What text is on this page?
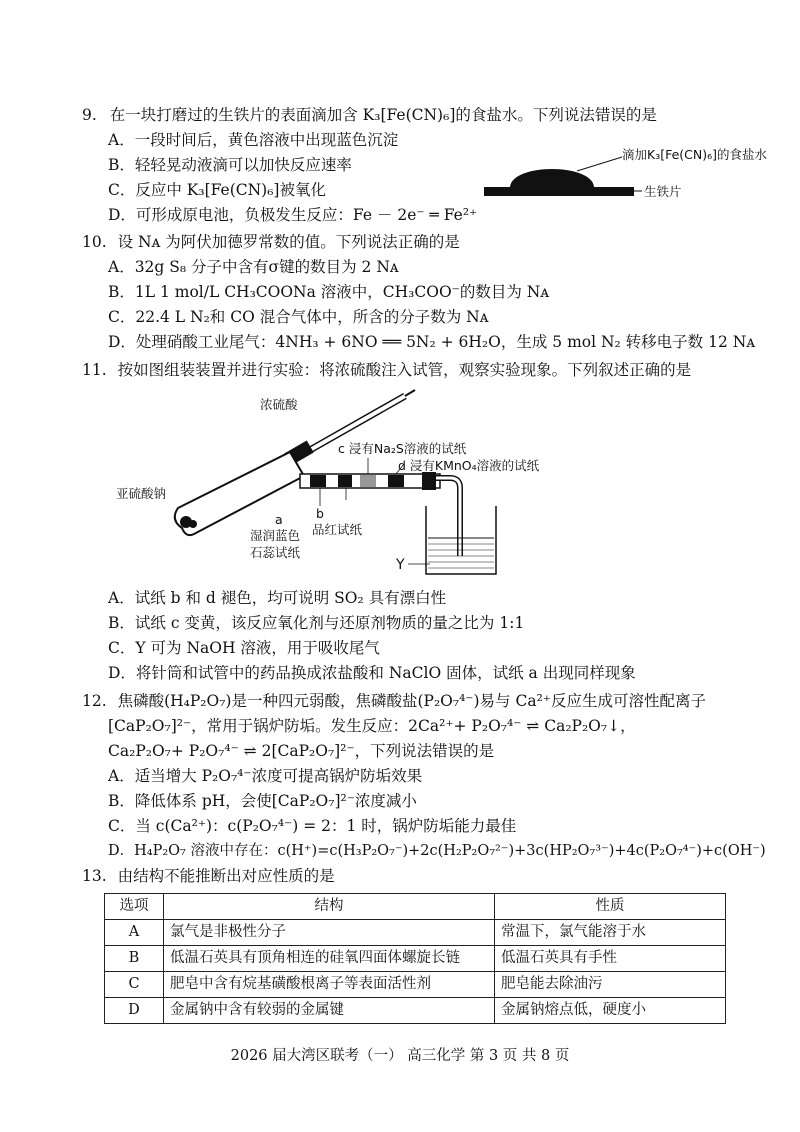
9. 在一块打磨过的生铁片的表面滴加含 K₃[Fe(CN)₆]的食盐水。下列说法错误的是
A．一段时间后，黄色溶液中出现蓝色沉淀
B．轻轻晃动液滴可以加快反应速率
C．反应中 K₃[Fe(CN)₆]被氧化
D．可形成原电池，负极发生反应：Fe － 2e⁻ ═ Fe²⁺
滴加K₃[Fe(CN)₆]的食盐水
生铁片
10. 设 Nᴀ 为阿伏加德罗常数的值。下列说法正确的是
A．32g S₈ 分子中含有σ键的数目为 2 Nᴀ
B．1L 1 mol/L CH₃COONa 溶液中，CH₃COO⁻的数目为 Nᴀ
C．22.4 L N₂和 CO 混合气体中，所含的分子数为 Nᴀ
D．处理硝酸工业尾气：4NH₃ + 6NO ══ 5N₂ + 6H₂O，生成 5 mol N₂ 转移电子数 12 Nᴀ
11. 按如图组装装置并进行实验：将浓硫酸注入试管，观察实验现象。下列叙述正确的是
浓硫酸
亚硫酸钠
c 浸有Na₂S溶液的试纸
d 浸有KMnO₄溶液的试纸
b
品红试纸
a
湿润蓝色
石蕊试纸
Y
A．试纸 b 和 d 褪色，均可说明 SO₂ 具有漂白性
B．试纸 c 变黄，该反应氧化剂与还原剂物质的量之比为 1:1
C．Y 可为 NaOH 溶液，用于吸收尾气
D．将针筒和试管中的药品换成浓盐酸和 NaClO 固体，试纸 a 出现同样现象
12. 焦磷酸(H₄P₂O₇)是一种四元弱酸，焦磷酸盐(P₂O₇⁴⁻)易与 Ca²⁺反应生成可溶性配离子
[CaP₂O₇]²⁻，常用于锅炉防垢。发生反应：2Ca²⁺+ P₂O₇⁴⁻ ⇌ Ca₂P₂O₇↓，
Ca₂P₂O₇+ P₂O₇⁴⁻ ⇌ 2[CaP₂O₇]²⁻，下列说法错误的是
A．适当增大 P₂O₇⁴⁻浓度可提高锅炉防垢效果
B．降低体系 pH，会使[CaP₂O₇]²⁻浓度减小
C．当 c(Ca²⁺)：c(P₂O₇⁴⁻) = 2：1 时，锅炉防垢能力最佳
D．H₄P₂O₇ 溶液中存在：c(H⁺)=c(H₃P₂O₇⁻)+2c(H₂P₂O₇²⁻)+3c(HP₂O₇³⁻)+4c(P₂O₇⁴⁻)+c(OH⁻)
13. 由结构不能推断出对应性质的是
选项	结构	性质
A	氯气是非极性分子	常温下，氯气能溶于水
B	低温石英具有顶角相连的硅氧四面体螺旋长链	低温石英具有手性
C	肥皂中含有烷基磺酸根离子等表面活性剂	肥皂能去除油污
D	金属钠中含有较弱的金属键	金属钠熔点低，硬度小
2026 届大湾区联考（一） 高三化学 第 3 页 共 8 页
